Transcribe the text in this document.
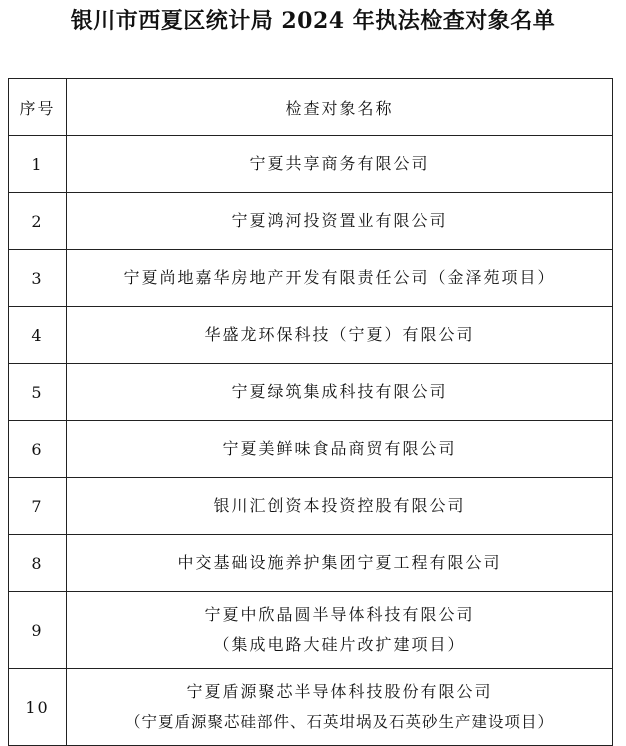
银川市西夏区统计局 2024 年执法检查对象名单
序号	检查对象名称
1	宁夏共享商务有限公司

2	宁夏鸿河投资置业有限公司

3	宁夏尚地嘉华房地产开发有限责任公司（金泽苑项目）

4	华盛龙环保科技（宁夏）有限公司

5	宁夏绿筑集成科技有限公司

6	宁夏美鲜味食品商贸有限公司

7	银川汇创资本投资控股有限公司

8	中交基础设施养护集团宁夏工程有限公司

9	宁夏中欣晶圆半导体科技有限公司
（集成电路大硅片改扩建项目）

10	宁夏盾源聚芯半导体科技股份有限公司
（宁夏盾源聚芯硅部件、石英坩埚及石英砂生产建设项目）
